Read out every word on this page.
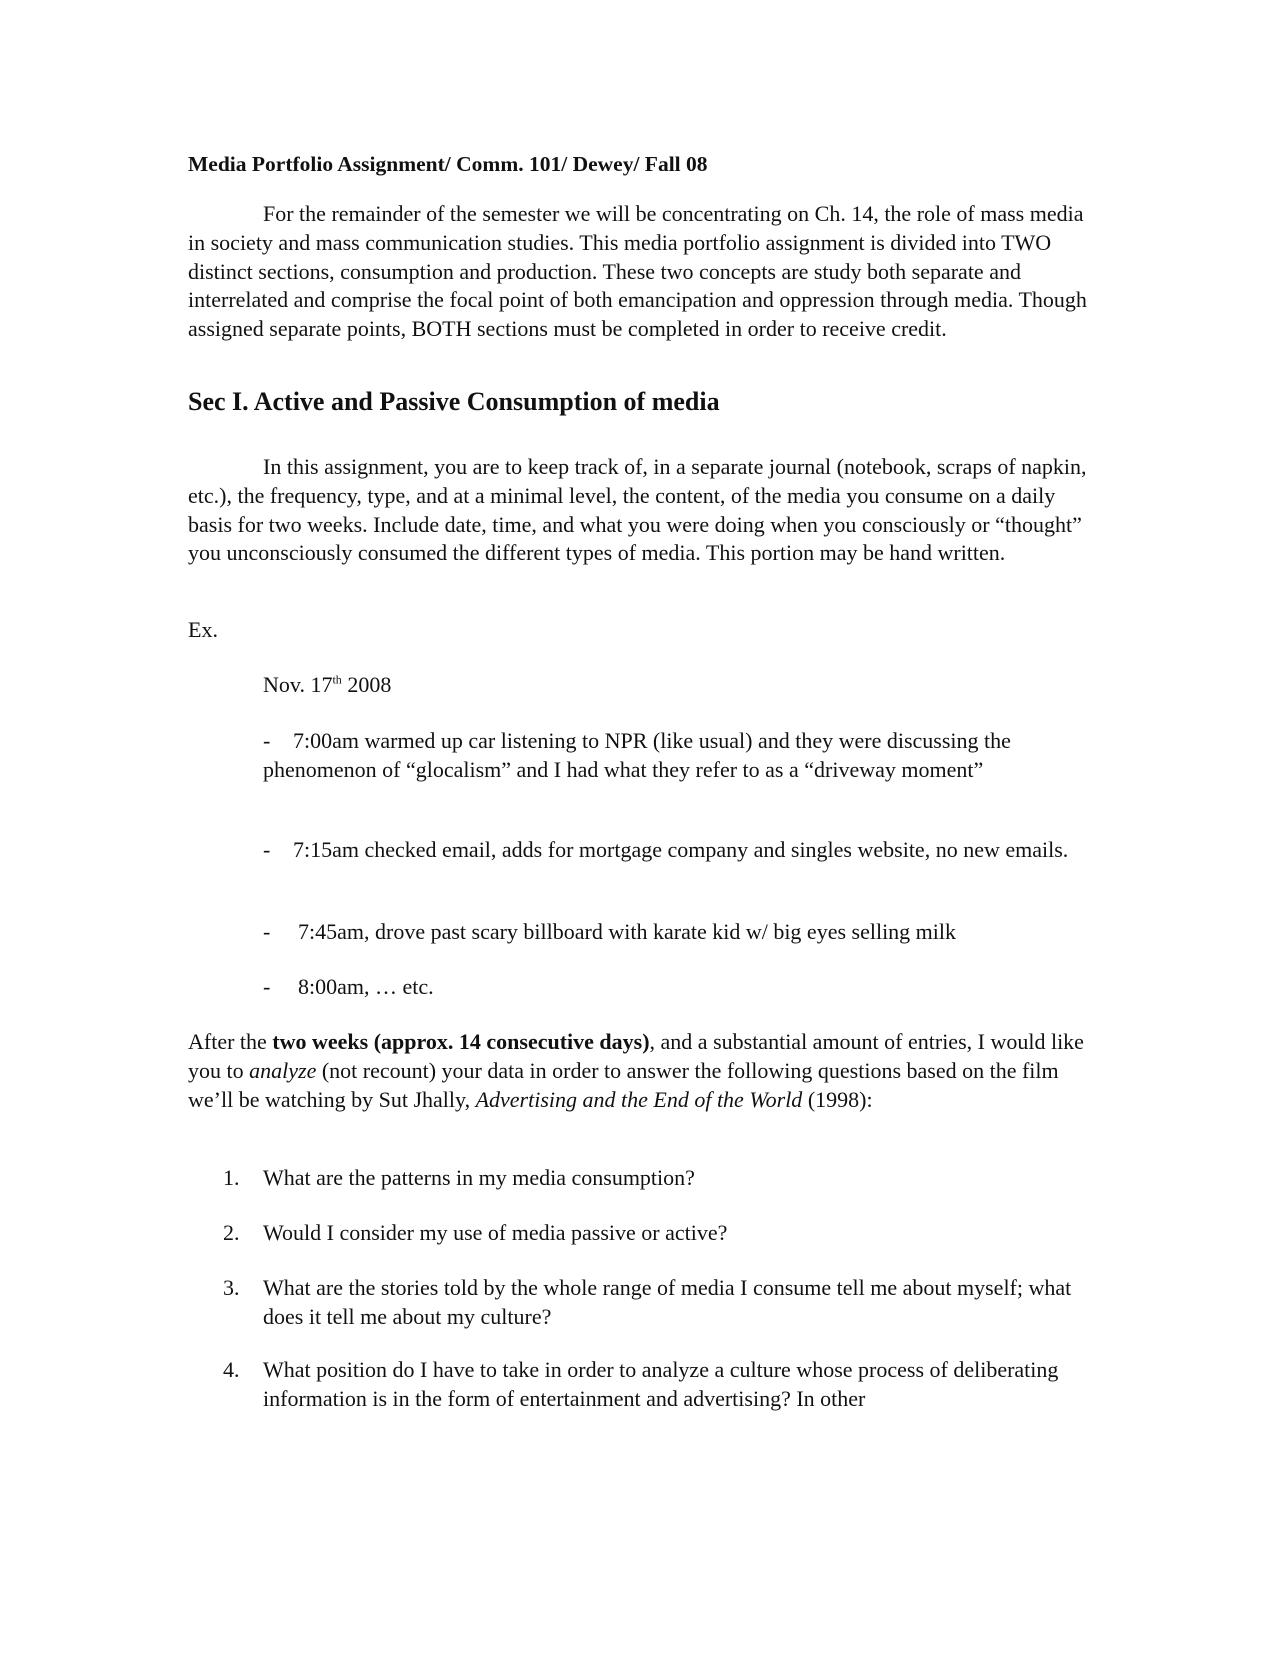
Media Portfolio Assignment/ Comm. 101/ Dewey/ Fall 08

For the remainder of the semester we will be concentrating on Ch. 14, the role of mass media in society and mass communication studies. This media portfolio assignment is divided into TWO distinct sections, consumption and production. These two concepts are study both separate and interrelated and comprise the focal point of both emancipation and oppression through media. Though assigned separate points, BOTH sections must be completed in order to receive credit.

Sec I. Active and Passive Consumption of media

In this assignment, you are to keep track of, in a separate journal (notebook, scraps of napkin, etc.), the frequency, type, and at a minimal level, the content, of the media you consume on a daily basis for two weeks. Include date, time, and what you were doing when you consciously or “thought” you unconsciously consumed the different types of media. This portion may be hand written.

Ex.
Nov. 17th 2008
-	7:00am warmed up car listening to NPR (like usual) and they were discussing the phenomenon of “glocalism” and I had what they refer to as a “driveway moment”
-	7:15am checked email, adds for mortgage company and singles website, no new emails.
-	7:45am, drove past scary billboard with karate kid w/ big eyes selling milk
-	8:00am, … etc.

After the two weeks (approx. 14 consecutive days), and a substantial amount of entries, I would like you to analyze (not recount) your data in order to answer the following questions based on the film we’ll be watching by Sut Jhally, Advertising and the End of the World (1998):

1. What are the patterns in my media consumption?
2. Would I consider my use of media passive or active?
3. What are the stories told by the whole range of media I consume tell me about myself; what does it tell me about my culture?
4. What position do I have to take in order to analyze a culture whose process of deliberating information is in the form of entertainment and advertising? In other
